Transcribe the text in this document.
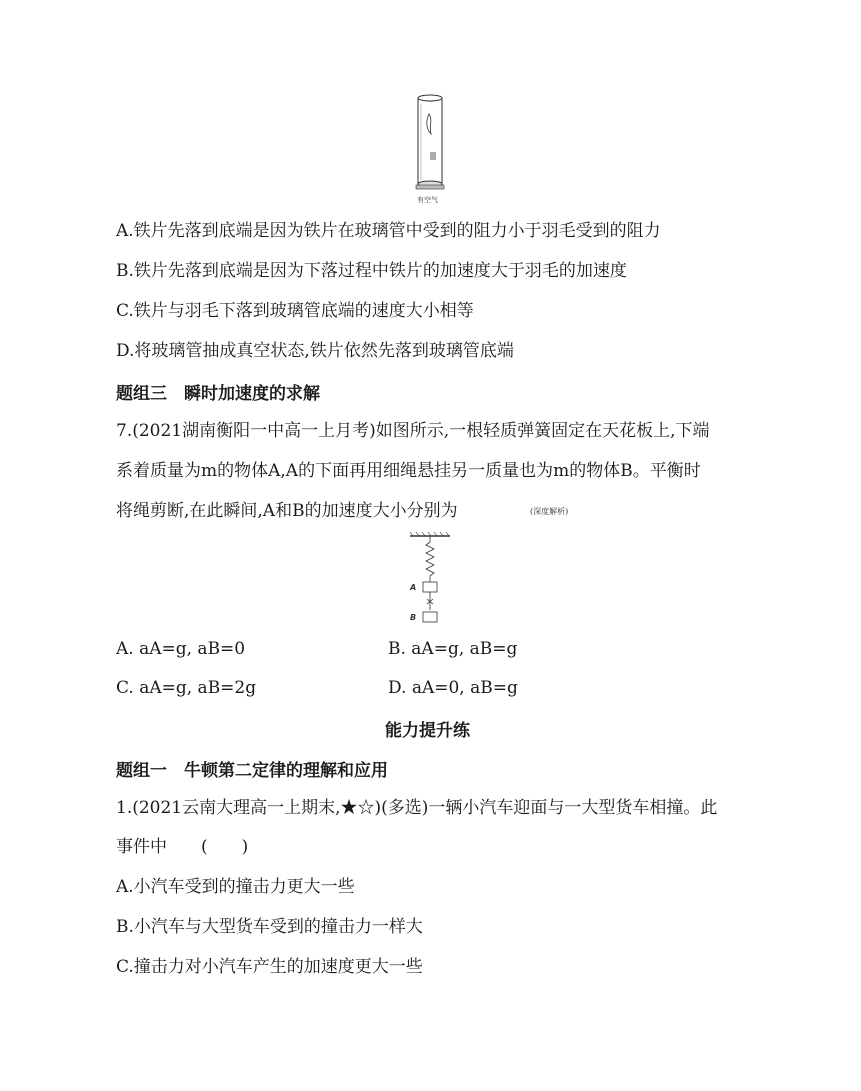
有空气
A.铁片先落到底端是因为铁片在玻璃管中受到的阻力小于羽毛受到的阻力
B.铁片先落到底端是因为下落过程中铁片的加速度大于羽毛的加速度
C.铁片与羽毛下落到玻璃管底端的速度大小相等
D.将玻璃管抽成真空状态,铁片依然先落到玻璃管底端
题组三　瞬时加速度的求解
7.(2021湖南衡阳一中高一上月考)如图所示,一根轻质弹簧固定在天花板上,下端
系着质量为m的物体A,A的下面再用细绳悬挂另一质量也为m的物体B。平衡时
将绳剪断,在此瞬间,A和B的加速度大小分别为	(深度解析)
A
B
A. aA=g, aB=0	B. aA=g, aB=g
C. aA=g, aB=2g	D. aA=0, aB=g
能力提升练
题组一　牛顿第二定律的理解和应用
1.(2021云南大理高一上期末,★☆)(多选)一辆小汽车迎面与一大型货车相撞。此
事件中　　(　　)
A.小汽车受到的撞击力更大一些
B.小汽车与大型货车受到的撞击力一样大
C.撞击力对小汽车产生的加速度更大一些
